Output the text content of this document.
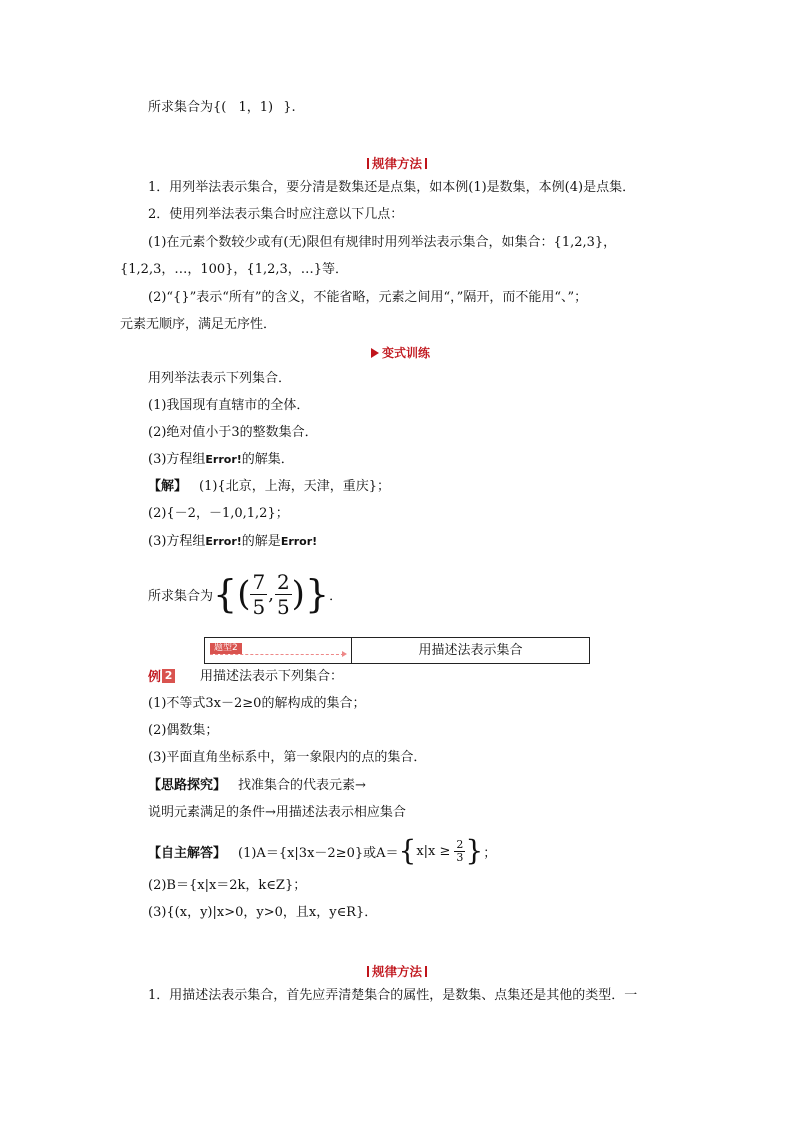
所求集合为{( 1，1) }.
规律方法
1．用列举法表示集合，要分清是数集还是点集，如本例(1)是数集，本例(4)是点集．
2．使用列举法表示集合时应注意以下几点：
(1)在元素个数较少或有(无)限但有规律时用列举法表示集合，如集合：{1,2,3}，
{1,2,3，…，100}，{1,2,3，…}等．
(2)“{}”表示“所有”的含义，不能省略，元素之间用“，”隔开，而不能用“、”；
元素无顺序，满足无序性．
变式训练
用列举法表示下列集合．
(1)我国现有直辖市的全体．
(2)绝对值小于3的整数集合．
(3)方程组Error!的解集．
【解】 (1){北京，上海，天津，重庆}；
(2){－2，－1,0,1,2}；
(3)方程组Error!的解是Error!
所求集合为 { ( $\frac{7}{5}$ , $\frac{2}{5}$ ) } ．
题型2	用描述法表示集合
例 2 用描述法表示下列集合：
(1)不等式3x－2≥0的解构成的集合；
(2)偶数集；
(3)平面直角坐标系中，第一象限内的点的集合．
【思路探究】 找准集合的代表元素→
说明元素满足的条件→用描述法表示相应集合
【自主解答】 (1)A＝{x|3x－2≥0}或A＝ { $x|x \ge \frac{2}{3}$ } ；
(2)B＝{x|x＝2k，k∈Z}；
(3){(x，y)|x>0，y>0，且x，y∈R}．
规律方法
1．用描述法表示集合，首先应弄清楚集合的属性，是数集、点集还是其他的类型．一
